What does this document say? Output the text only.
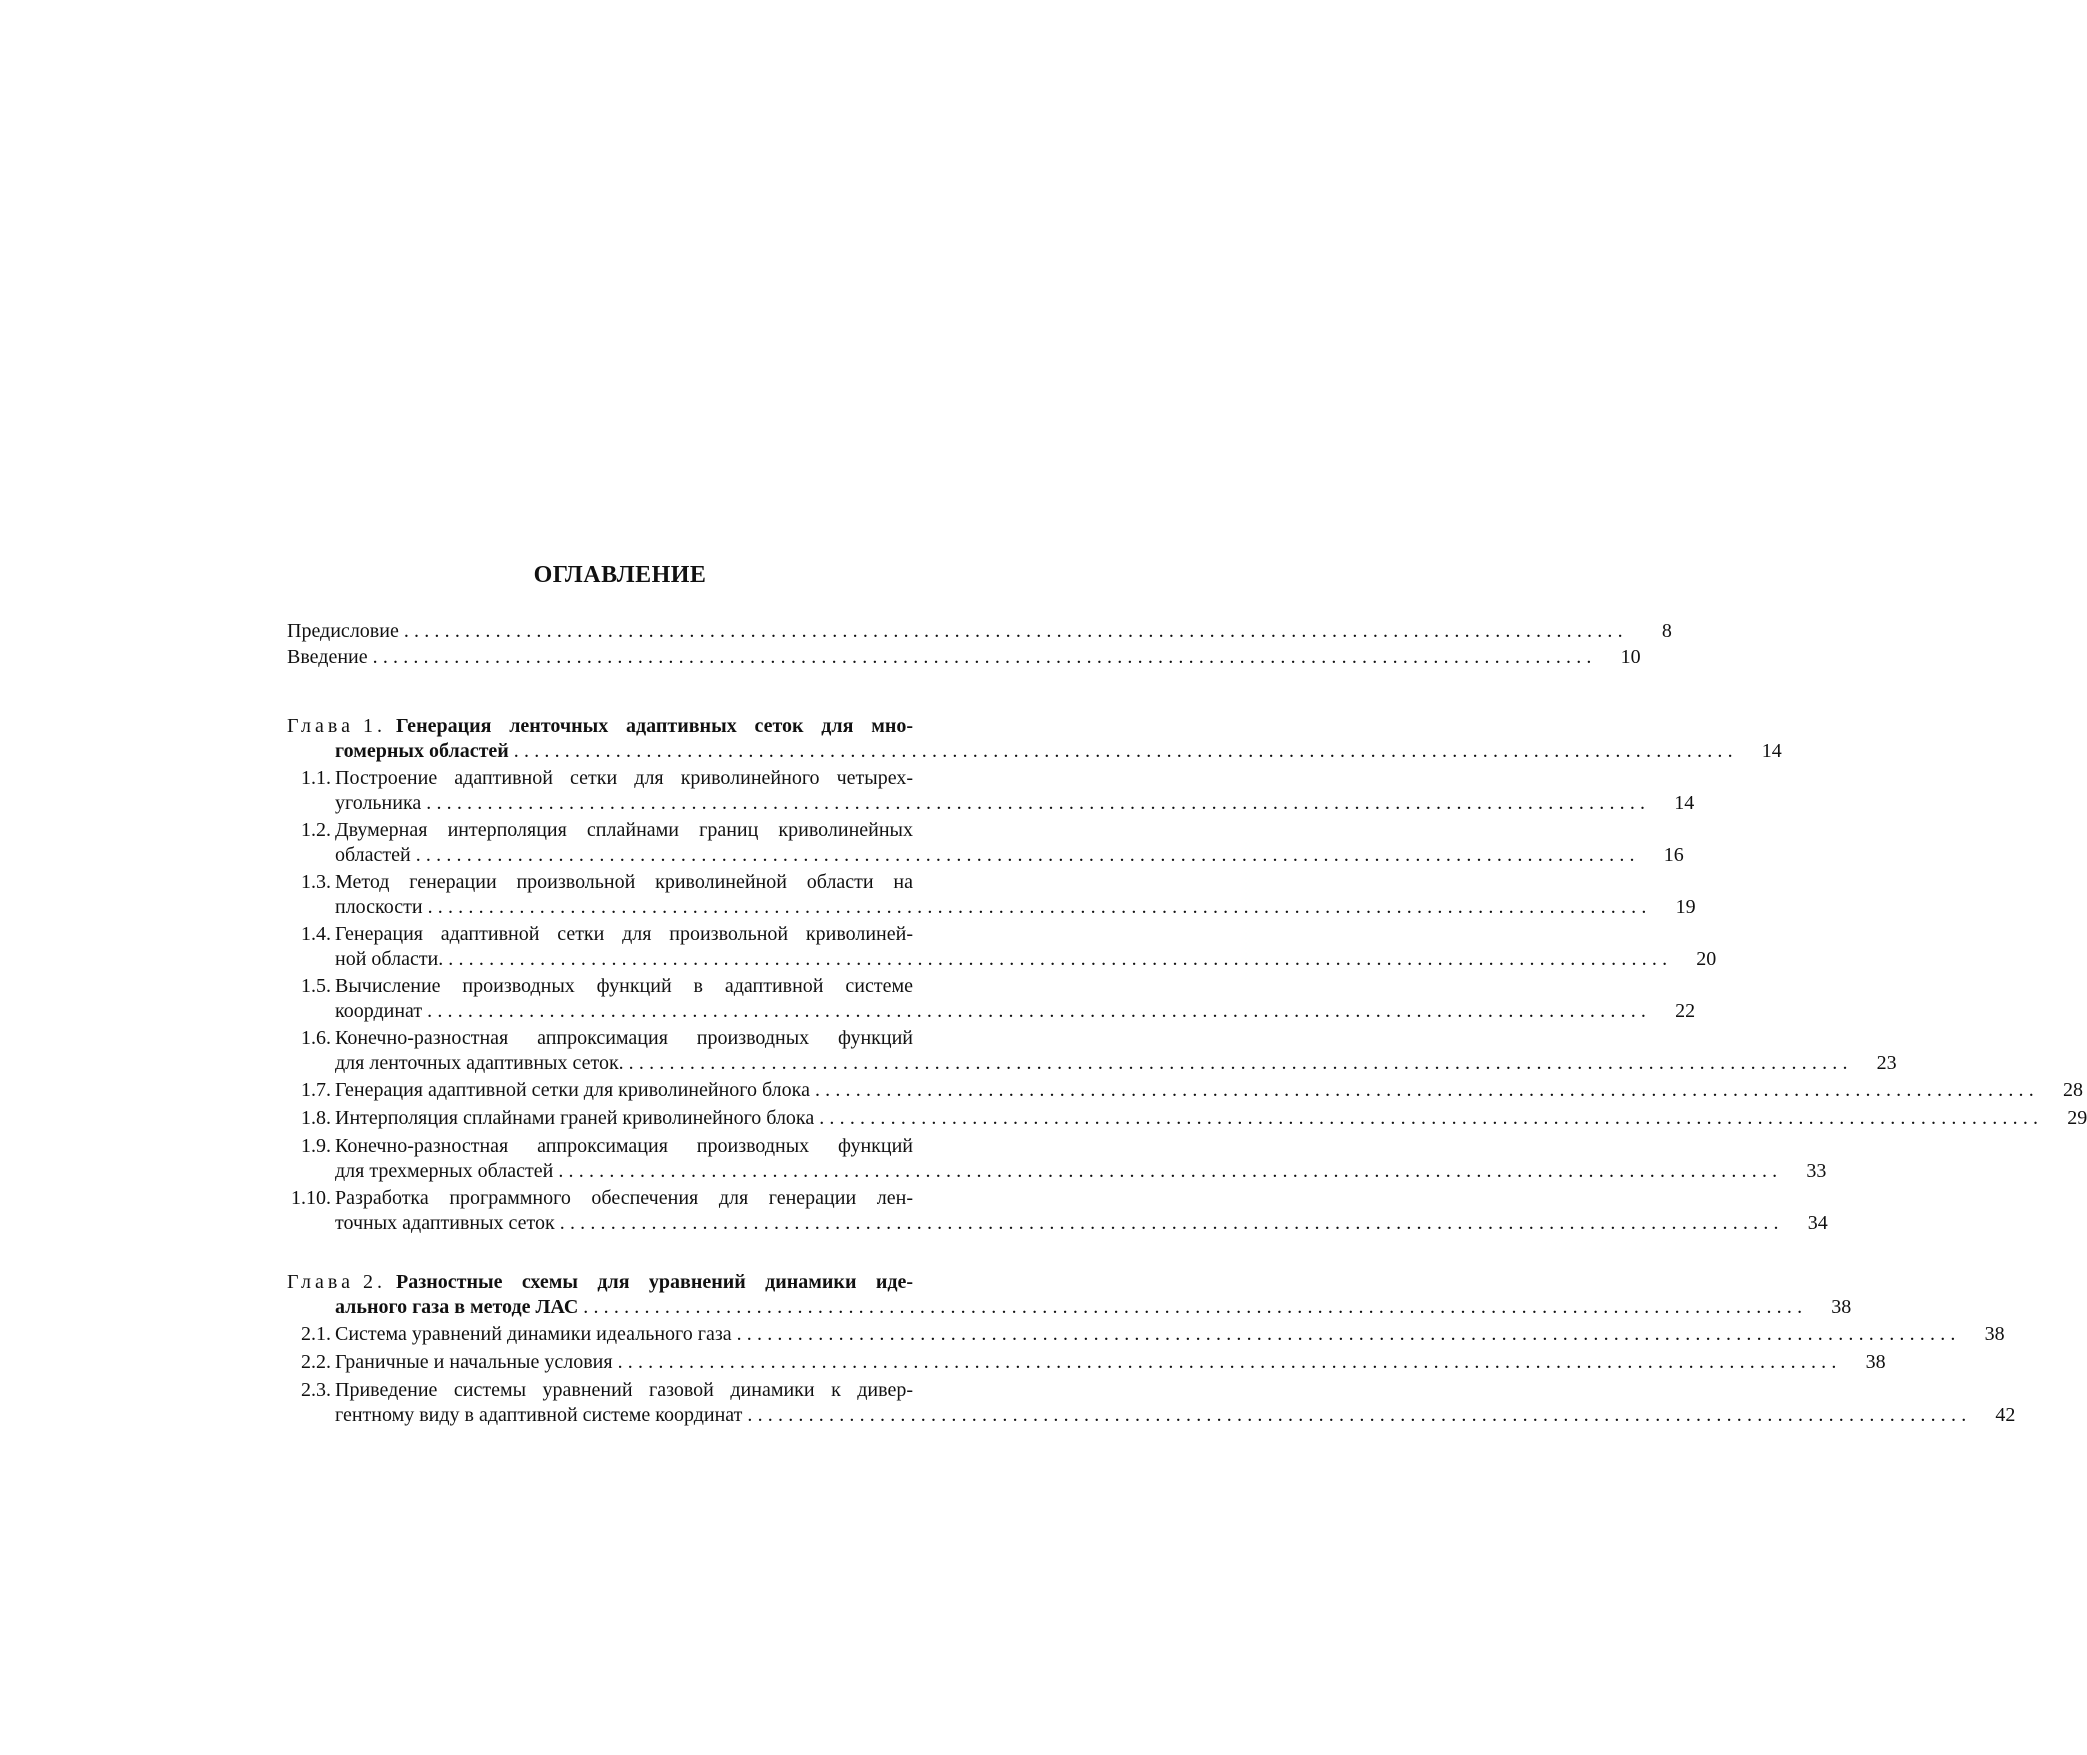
ОГЛАВЛЕНИЕ
Предисловие ........................................................................................................................	8
Введение ........................................................................................................................	10
Глава 1. Генерация ленточных адаптивных сеток для мно-
гомерных областей ........................................................................................................................	14
1.1. Построение адаптивной сетки для криволинейного четырех-
угольника ........................................................................................................................	14
1.2. Двумерная интерполяция сплайнами границ криволинейных
областей ........................................................................................................................	16
1.3. Метод генерации произвольной криволинейной области на
плоскости ........................................................................................................................	19
1.4. Генерация адаптивной сетки для произвольной криволиней-
ной области. ........................................................................................................................	20
1.5. Вычисление производных функций в адаптивной системе
координат ........................................................................................................................	22
1.6. Конечно-разностная аппроксимация производных функций
для ленточных адаптивных сеток. ........................................................................................................................	23
1.7. Генерация адаптивной сетки для криволинейного блока ........................................................................................................................	28
1.8. Интерполяция сплайнами граней криволинейного блока ........................................................................................................................	29
1.9. Конечно-разностная аппроксимация производных функций
для трехмерных областей ........................................................................................................................	33
1.10. Разработка программного обеспечения для генерации лен-
точных адаптивных сеток ........................................................................................................................	34
Глава 2. Разностные схемы для уравнений динамики иде-
ального газа в методе ЛАС ........................................................................................................................	38
2.1. Система уравнений динамики идеального газа ........................................................................................................................	38
2.2. Граничные и начальные условия ........................................................................................................................	38
2.3. Приведение системы уравнений газовой динамики к дивер-
гентному виду в адаптивной системе координат ........................................................................................................................	42
